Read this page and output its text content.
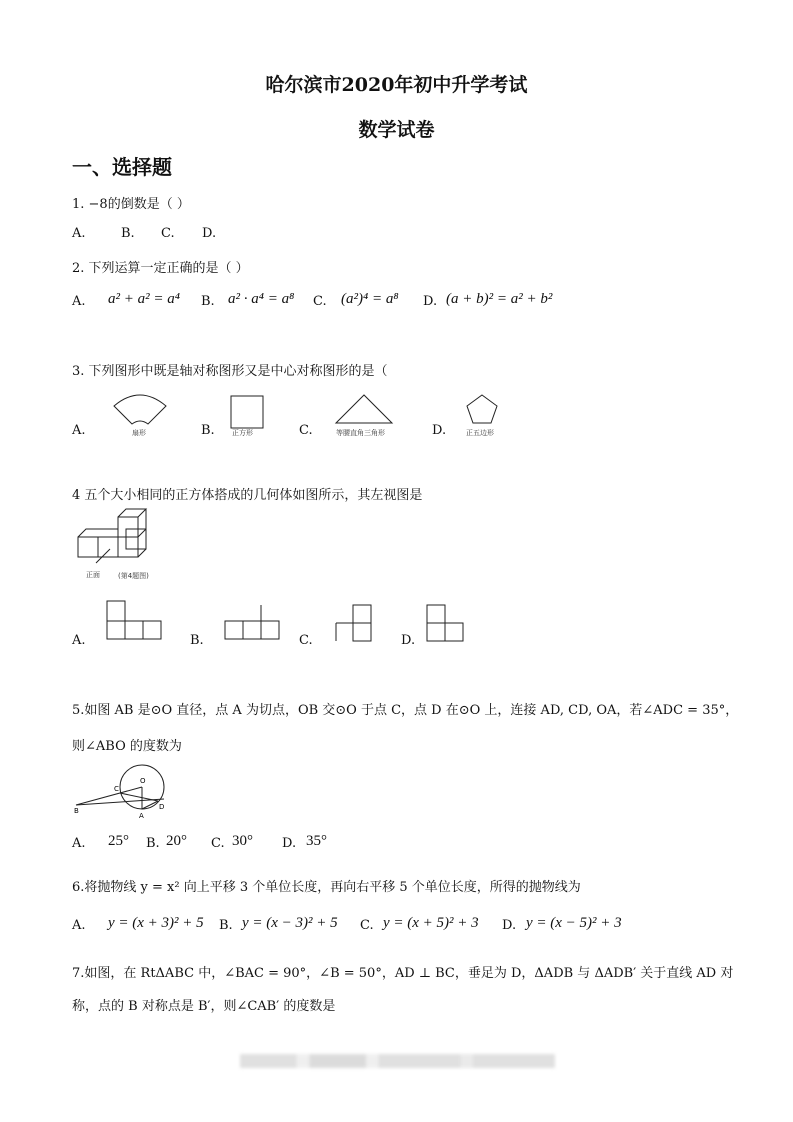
哈尔滨市2020年初中升学考试
数学试卷
一、选择题
1. −8的倒数是（ ）
A.	B. C. D.
2. 下列运算一定正确的是（ ）
A. a² + a² = a⁴ B. a² · a⁴ = a⁸ C. (a²)⁴ = a⁸ D. (a + b)² = a² + b²
3. 下列图形中既是轴对称图形又是中心对称图形的是（
A.	扇形	B. 正方形	C.	等腰直角三角形	D.	正五边形
4 五个大小相同的正方体搭成的几何体如图所示，其左视图是
正面	(第4题图)
A.	B.	C.	D.
5.如图 AB 是⊙O 直径，点 A 为切点，OB 交⊙O 于点 C，点 D 在⊙O 上，连接 AD, CD, OA，若∠ADC = 35°，
则∠ABO 的度数为
O
C
B	D
A
A. 25° B. 20° C. 30° D. 35°
6.将抛物线 y = x² 向上平移 3 个单位长度，再向右平移 5 个单位长度，所得的抛物线为
A. y = (x + 3)² + 5 B. y = (x − 3)² + 5 C. y = (x + 5)² + 3 D. y = (x − 5)² + 3
7.如图，在 RtΔABC 中，∠BAC = 90°，∠B = 50°，AD ⊥ BC，垂足为 D，ΔADB 与 ΔADB′ 关于直线 AD 对
称，点的 B 对称点是 B′，则∠CAB′ 的度数是
